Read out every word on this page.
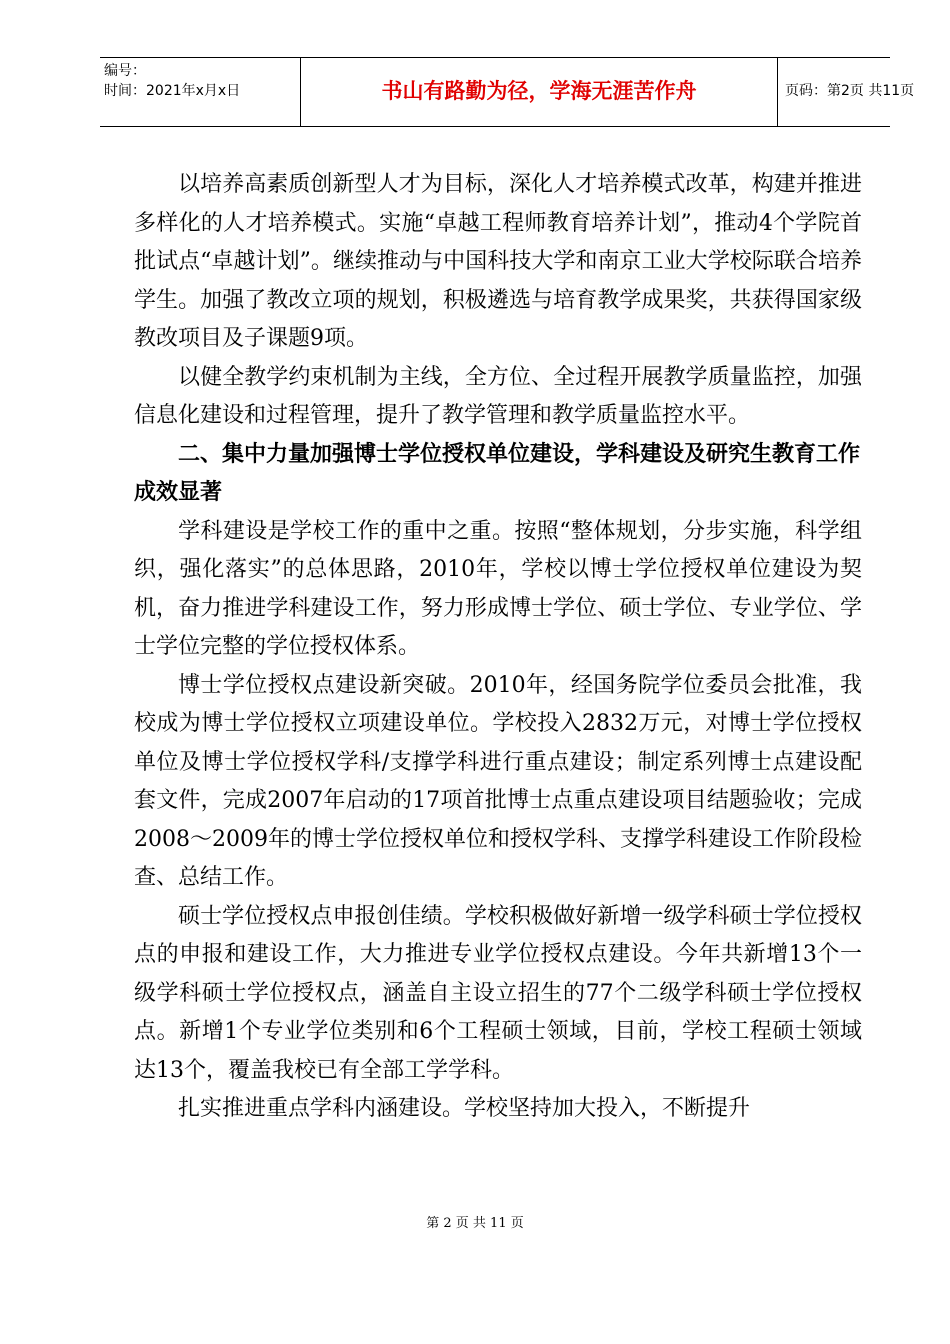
编号：
时间：2021年x月x日	书山有路勤为径，学海无涯苦作舟	页码：第2页 共11页

以培养高素质创新型人才为目标，深化人才培养模式改革，构建并推进多样化的人才培养模式。实施“卓越工程师教育培养计划”，推动4个学院首批试点“卓越计划”。继续推动与中国科技大学和南京工业大学校际联合培养学生。加强了教改立项的规划，积极遴选与培育教学成果奖，共获得国家级教改项目及子课题9项。

以健全教学约束机制为主线，全方位、全过程开展教学质量监控，加强信息化建设和过程管理，提升了教学管理和教学质量监控水平。

二、集中力量加强博士学位授权单位建设，学科建设及研究生教育工作成效显著

学科建设是学校工作的重中之重。按照“整体规划，分步实施，科学组织，强化落实”的总体思路，2010年，学校以博士学位授权单位建设为契机，奋力推进学科建设工作，努力形成博士学位、硕士学位、专业学位、学士学位完整的学位授权体系。

博士学位授权点建设新突破。2010年，经国务院学位委员会批准，我校成为博士学位授权立项建设单位。学校投入2832万元，对博士学位授权单位及博士学位授权学科/支撑学科进行重点建设；制定系列博士点建设配套文件，完成2007年启动的17项首批博士点重点建设项目结题验收；完成2008～2009年的博士学位授权单位和授权学科、支撑学科建设工作阶段检查、总结工作。

硕士学位授权点申报创佳绩。学校积极做好新增一级学科硕士学位授权点的申报和建设工作，大力推进专业学位授权点建设。今年共新增13个一级学科硕士学位授权点，涵盖自主设立招生的77个二级学科硕士学位授权点。新增1个专业学位类别和6个工程硕士领域，目前，学校工程硕士领域达13个，覆盖我校已有全部工学学科。

扎实推进重点学科内涵建设。学校坚持加大投入，不断提升

第 2 页 共 11 页
